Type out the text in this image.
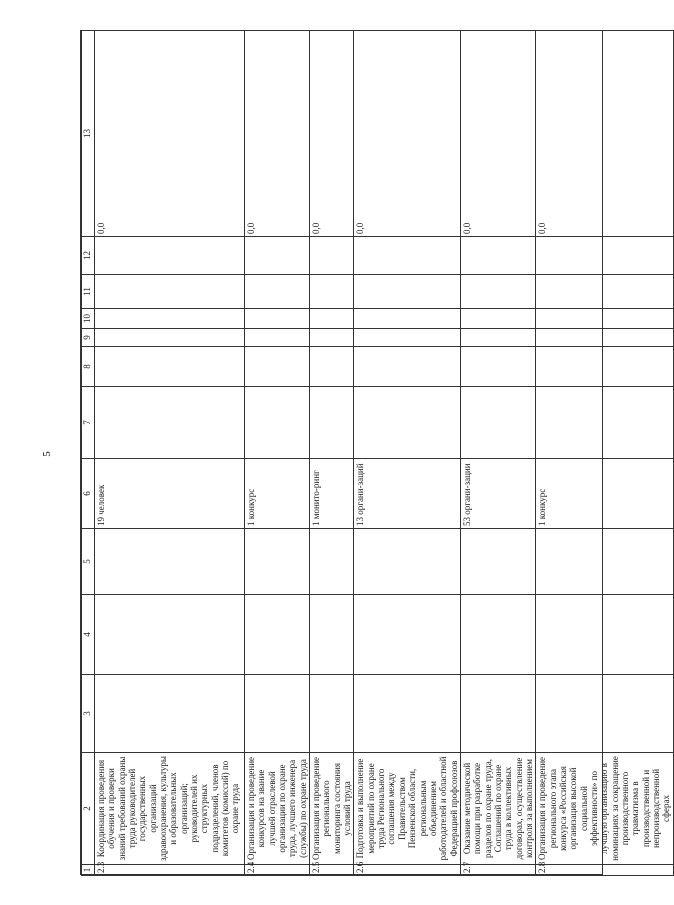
5
1	2	3	4	5	6	7	8	9	10	11	12	13
2.3	Координация проведения обучения и проверки знаний требований охраны труда руководителей государственных организаций здравоохранения, культуры и образовательных организаций; руководителей их структурных подразделений, членов комитетов (комиссий) по охране труда				19 человек							0,0
2.4	Организация и проведение конкурсов на звание лучшей отраслевой организации по охране труда, лучшего инженера (службы) по охране труда				1 конкурс							0,0
2.5	Организация и проведение регионального мониторинга состояния условий труда				1 монито-ринг							0,0
2.6	Подготовка и выполнение мероприятий по охране труда Регионального соглашения между Правительством Пензенской области, региональным объединением работодателей и областной Федерацией профсоюзов				13 органи-заций							0,0
2.7	Оказание методической помощи при разработке разделов по охране труда, Соглашений по охране труда в коллективных договорах, осуществление контроля за выполнением				53 органи-зации							0,0
2.8	Организация и проведение регионального этапа конкурса «Российская организация высокой социальной эффективности» по лучшую организацию в номинациях за сокращение производственного травматизма в производственной и непроизводственной сферах				1 конкурс							0,0
